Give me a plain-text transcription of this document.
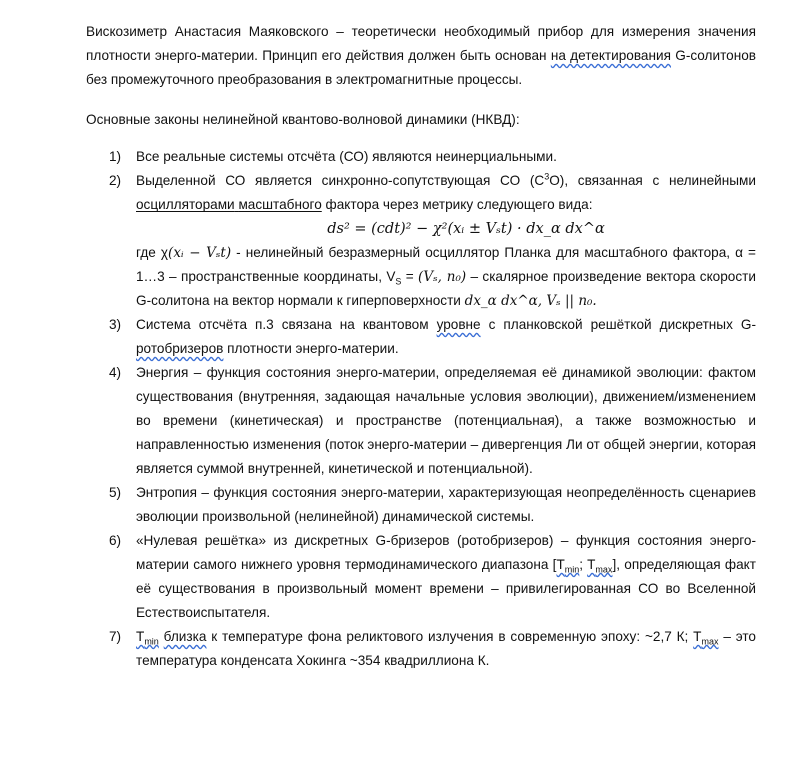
Вискозиметр Анастасия Маяковского – теоретически необходимый прибор для измерения значения плотности энерго-материи. Принцип его действия должен быть основан на детектирования G-солитонов без промежуточного преобразования в электромагнитные процессы.

Основные законы нелинейной квантово-волновой динамики (НКВД):

1) Все реальные системы отсчёта (СО) являются неинерциальными.
2) Выделенной СО является синхронно-сопутствующая СО $(С^3О)$, связанная с нелинейными осцилляторами масштабного фактора через метрику следующего вида:
ds² = (cdt)² − χ²(xᵢ ± Vₛt) · dx_α dx^α
где χ(xᵢ − Vₛt) - нелинейный безразмерный осциллятор Планка для масштабного фактора, α = 1…3 – пространственные координаты, $V_S = (V_s$, n₀) – скалярное произведение вектора скорости G-солитона на вектор нормали к гиперповерхности dx_α dx^α, Vₛ || n₀.
3) Система отсчёта п.3 связана на квантовом уровне с планковской решёткой дискретных G-ротобризеров плотности энерго-материи.
4) Энергия – функция состояния энерго-материи, определяемая её динамикой эволюции: фактом существования (внутренняя, задающая начальные условия эволюции), движением/изменением во времени (кинетическая) и пространстве (потенциальная), а также возможностью и направленностью изменения (поток энерго-материи – дивергенция Ли от общей энергии, которая является суммой внутренней, кинетической и потенциальной).
5) Энтропия – функция состояния энерго-материи, характеризующая неопределённость сценариев эволюции произвольной (нелинейной) динамической системы.
6) «Нулевая решётка» из дискретных G-бризеров (ротобризеров) – функция состояния энерго-материи самого нижнего уровня термодинамического диапазона [$T_{min}$; $T_{max}$], определяющая факт её существования в произвольный момент времени – привилегированная СО во Вселенной Естествоиспытателя.
7) $T_{min}$ близка к температуре фона реликтового излучения в современную эпоху: ~2,7 К; $T_{max}$ – это температура конденсата Хокинга ~354 квадриллиона К.
